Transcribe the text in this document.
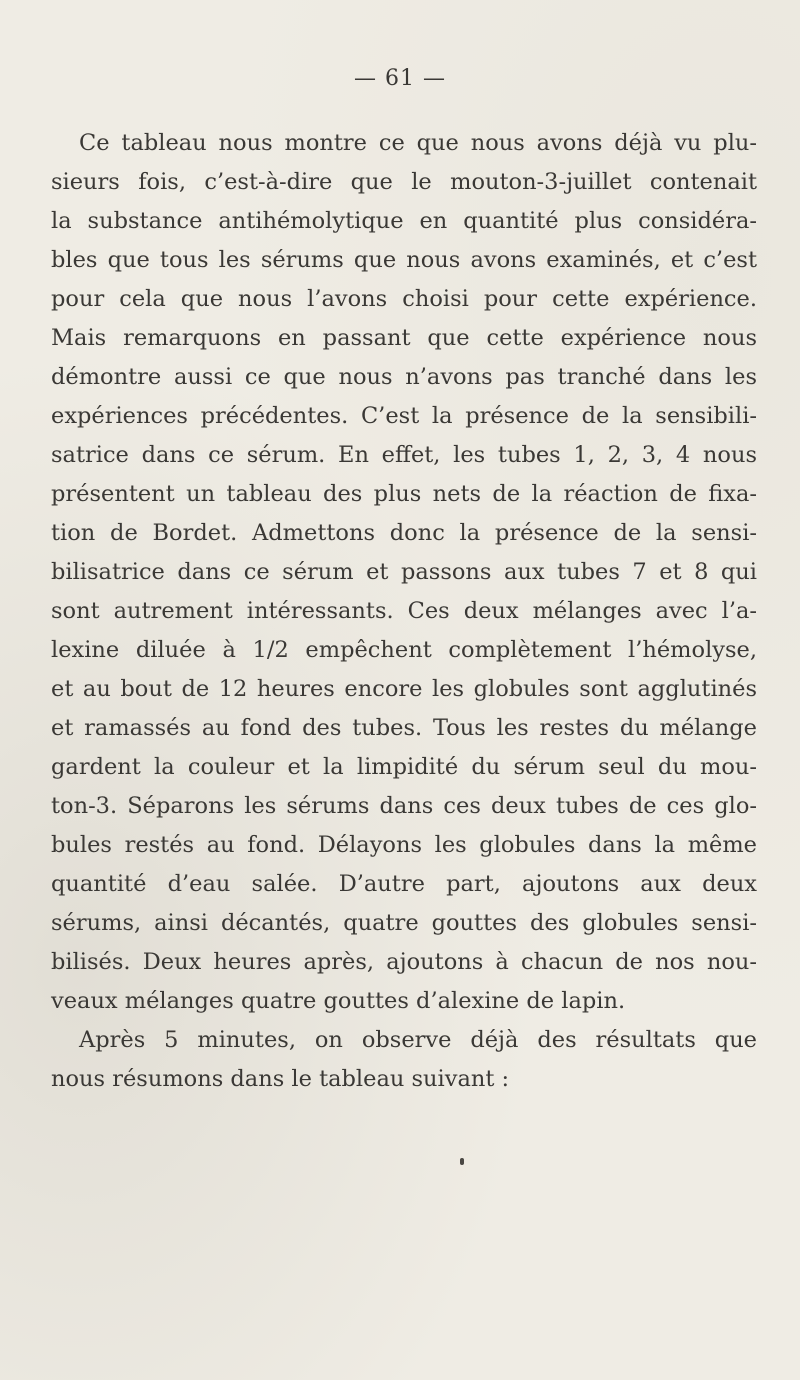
— 61 —
Ce tableau nous montre ce que nous avons déjà vu plu-
sieurs fois, c’est-à-dire que le mouton-3-juillet contenait
la substance antihémolytique en quantité plus considéra-
bles que tous les sérums que nous avons examinés, et c’est
pour cela que nous l’avons choisi pour cette expérience.
Mais remarquons en passant que cette expérience nous
démontre aussi ce que nous n’avons pas tranché dans les
expériences précédentes. C’est la présence de la sensibili-
satrice dans ce sérum. En effet, les tubes 1, 2, 3, 4 nous
présentent un tableau des plus nets de la réaction de fixa-
tion de Bordet. Admettons donc la présence de la sensi-
bilisatrice dans ce sérum et passons aux tubes 7 et 8 qui
sont autrement intéressants. Ces deux mélanges avec l’a-
lexine diluée à 1/2 empêchent complètement l’hémolyse,
et au bout de 12 heures encore les globules sont agglutinés
et ramassés au fond des tubes. Tous les restes du mélange
gardent la couleur et la limpidité du sérum seul du mou-
ton-3. Séparons les sérums dans ces deux tubes de ces glo-
bules restés au fond. Délayons les globules dans la même
quantité d’eau salée. D’autre part, ajoutons aux deux
sérums, ainsi décantés, quatre gouttes des globules sensi-
bilisés. Deux heures après, ajoutons à chacun de nos nou-
veaux mélanges quatre gouttes d’alexine de lapin.
Après 5 minutes, on observe déjà des résultats que
nous résumons dans le tableau suivant :
